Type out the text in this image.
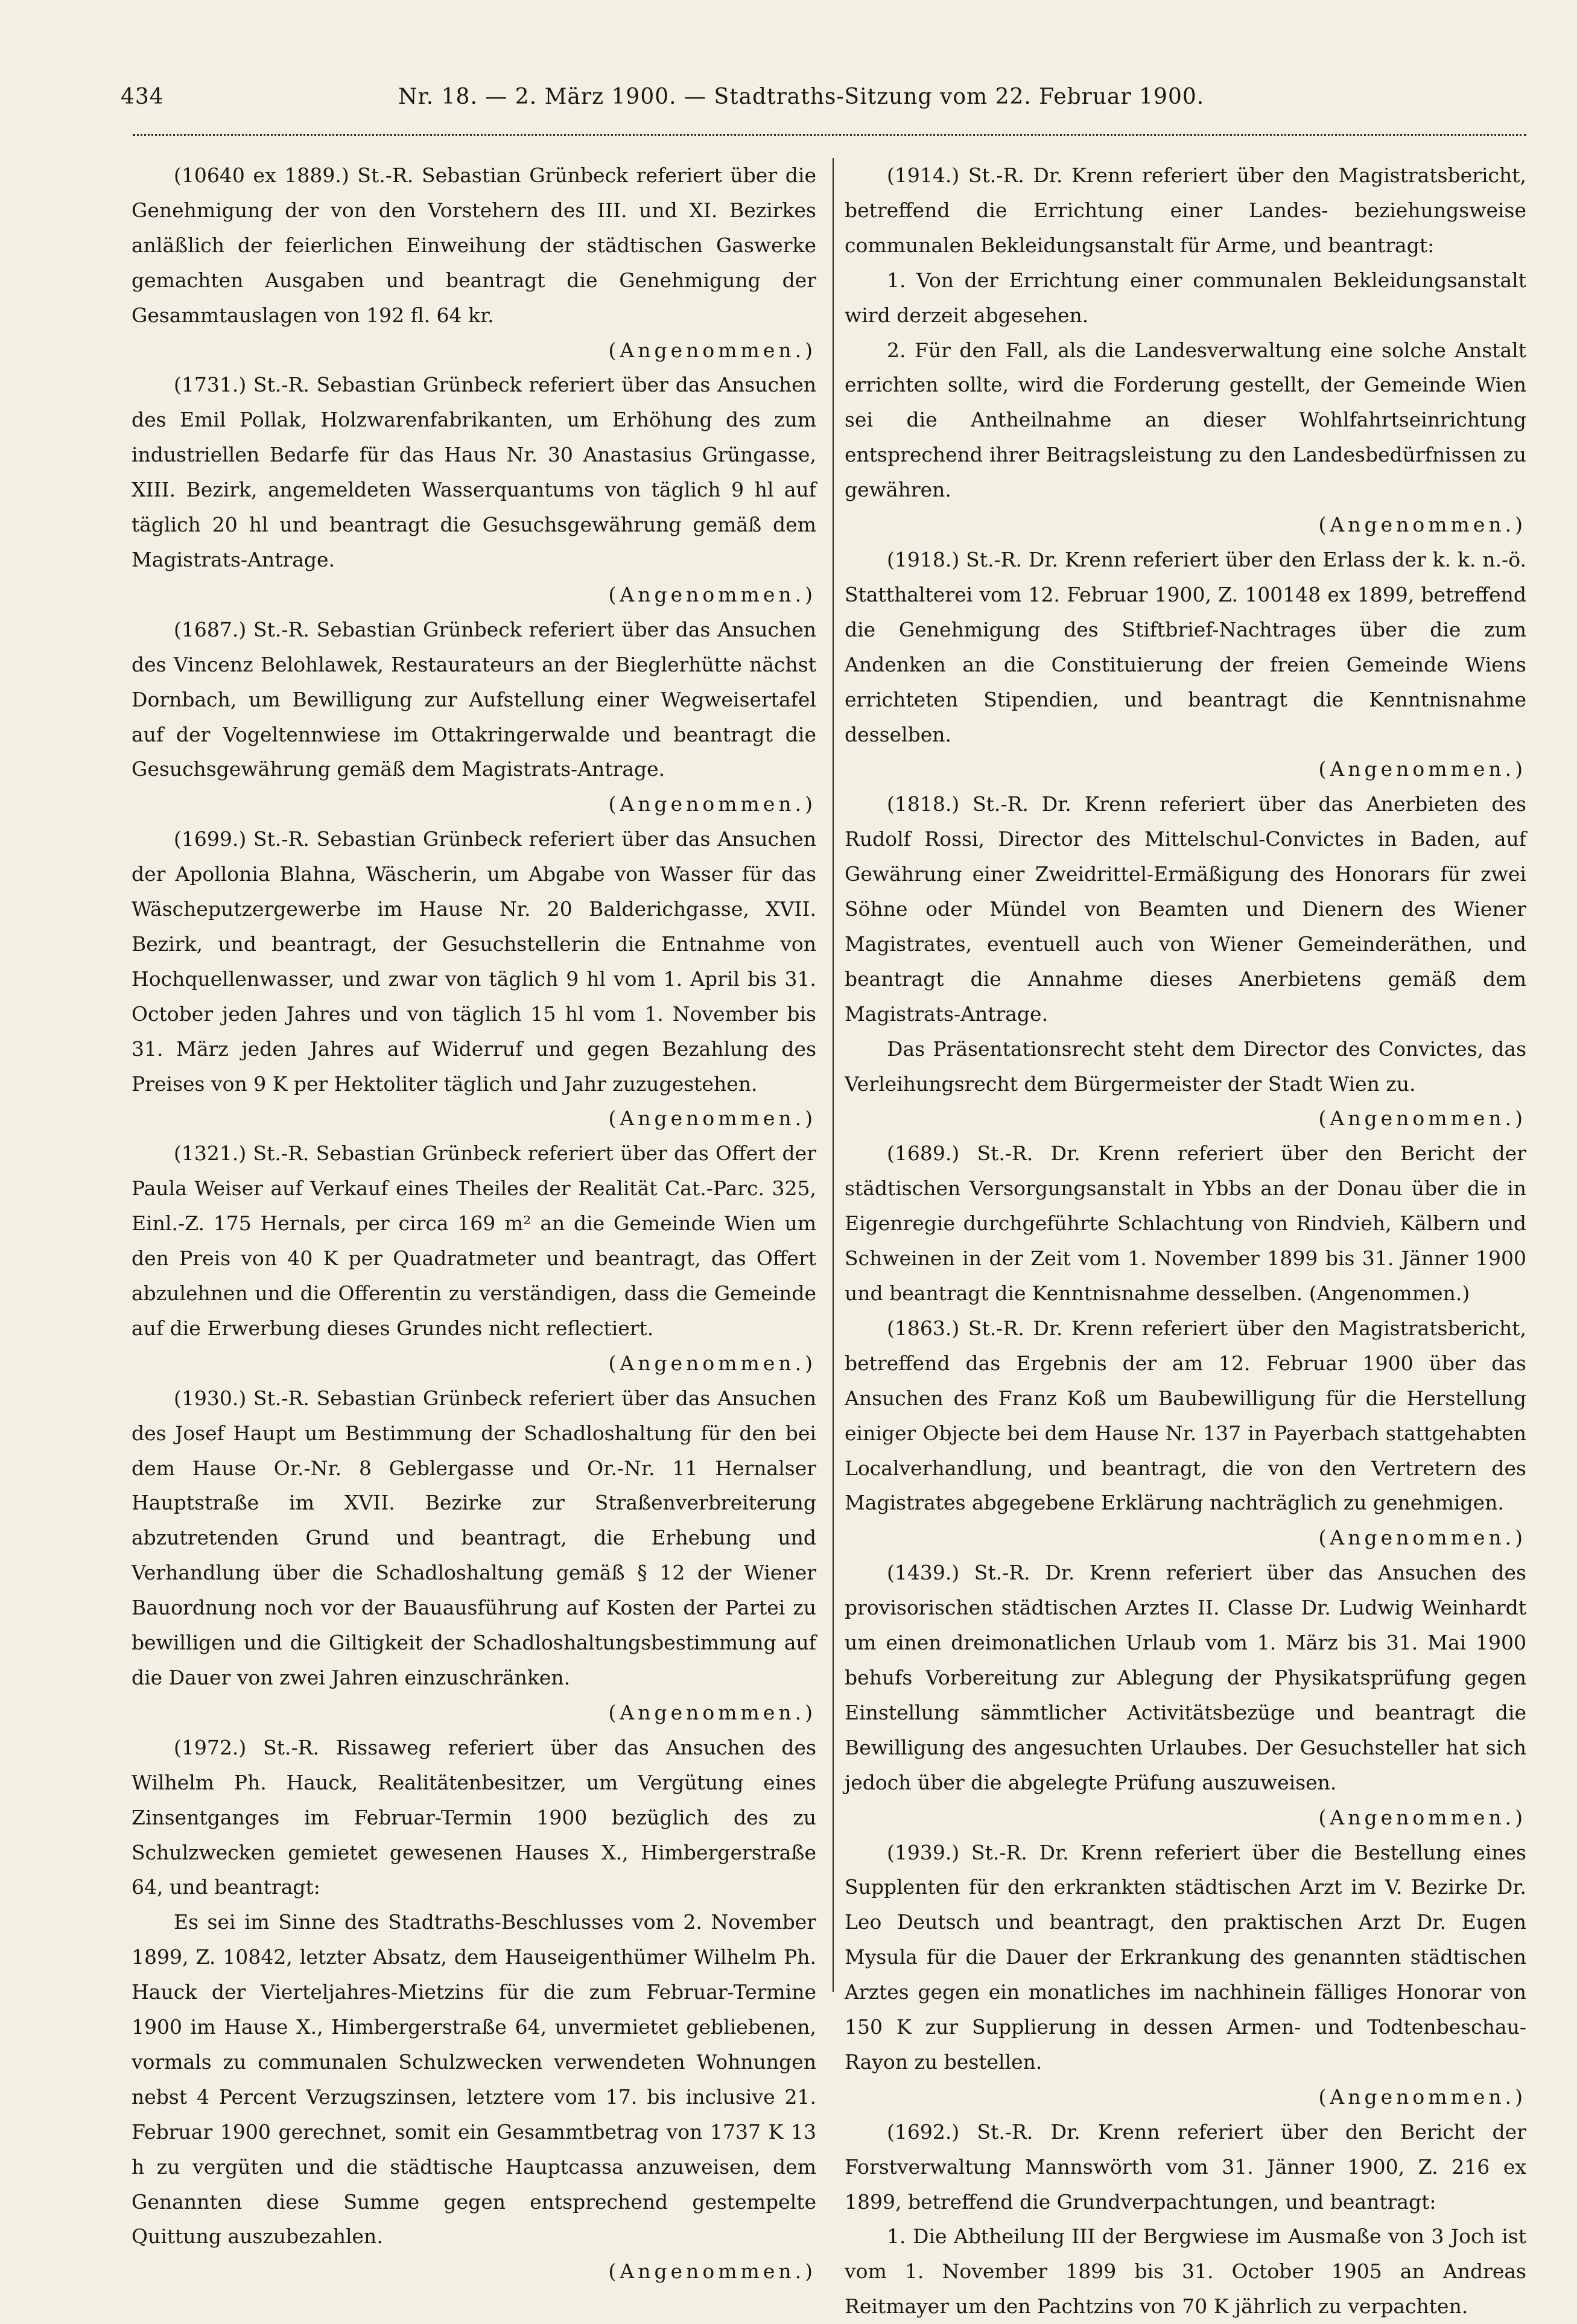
434	Nr. 18. — 2. März 1900. — Stadtraths-Sitzung vom 22. Februar 1900.
(10640 ex 1889.) St.-R. Sebastian Grünbeck referiert über die Genehmigung der von den Vorstehern des III. und XI. Bezirkes anläßlich der feierlichen Einweihung der städtischen Gaswerke gemachten Ausgaben und beantragt die Genehmigung der Gesammtauslagen von 192 fl. 64 kr.
(Angenommen.)
(1731.) St.-R. Sebastian Grünbeck referiert über das Ansuchen des Emil Pollak, Holzwarenfabrikanten, um Erhöhung des zum industriellen Bedarfe für das Haus Nr. 30 Anastasius Grüngasse, XIII. Bezirk, angemeldeten Wasserquantums von täglich 9 hl auf täglich 20 hl und beantragt die Gesuchsgewährung gemäß dem Magistrats-Antrage.
(Angenommen.)
(1687.) St.-R. Sebastian Grünbeck referiert über das Ansuchen des Vincenz Belohlawek, Restaurateurs an der Bieglerhütte nächst Dornbach, um Bewilligung zur Aufstellung einer Wegweisertafel auf der Vogeltennwiese im Ottakringerwalde und beantragt die Gesuchsgewährung gemäß dem Magistrats-Antrage.
(Angenommen.)
(1699.) St.-R. Sebastian Grünbeck referiert über das Ansuchen der Apollonia Blahna, Wäscherin, um Abgabe von Wasser für das Wäscheputzergewerbe im Hause Nr. 20 Balderichgasse, XVII. Bezirk, und beantragt, der Gesuchstellerin die Entnahme von Hochquellenwasser, und zwar von täglich 9 hl vom 1. April bis 31. October jeden Jahres und von täglich 15 hl vom 1. November bis 31. März jeden Jahres auf Widerruf und gegen Bezahlung des Preises von 9 K per Hektoliter täglich und Jahr zuzugestehen.
(Angenommen.)
(1321.) St.-R. Sebastian Grünbeck referiert über das Offert der Paula Weiser auf Verkauf eines Theiles der Realität Cat.-Parc. 325, Einl.-Z. 175 Hernals, per circa 169 m² an die Gemeinde Wien um den Preis von 40 K per Quadratmeter und beantragt, das Offert abzulehnen und die Offerentin zu verständigen, dass die Gemeinde auf die Erwerbung dieses Grundes nicht reflectiert.
(Angenommen.)
(1930.) St.-R. Sebastian Grünbeck referiert über das Ansuchen des Josef Haupt um Bestimmung der Schadloshaltung für den bei dem Hause Or.-Nr. 8 Geblergasse und Or.-Nr. 11 Hernalser Hauptstraße im XVII. Bezirke zur Straßenverbreiterung abzutretenden Grund und beantragt, die Erhebung und Verhandlung über die Schadloshaltung gemäß § 12 der Wiener Bauordnung noch vor der Bauausführung auf Kosten der Partei zu bewilligen und die Giltigkeit der Schadloshaltungsbestimmung auf die Dauer von zwei Jahren einzuschränken.
(Angenommen.)
(1972.) St.-R. Rissaweg referiert über das Ansuchen des Wilhelm Ph. Hauck, Realitätenbesitzer, um Vergütung eines Zinsentganges im Februar-Termin 1900 bezüglich des zu Schulzwecken gemietet gewesenen Hauses X., Himbergerstraße 64, und beantragt:
Es sei im Sinne des Stadtraths-Beschlusses vom 2. November 1899, Z. 10842, letzter Absatz, dem Hauseigenthümer Wilhelm Ph. Hauck der Vierteljahres-Mietzins für die zum Februar-Termine 1900 im Hause X., Himbergerstraße 64, unvermietet gebliebenen, vormals zu communalen Schulzwecken verwendeten Wohnungen nebst 4 Percent Verzugszinsen, letztere vom 17. bis inclusive 21. Februar 1900 gerechnet, somit ein Gesammtbetrag von 1737 K 13 h zu vergüten und die städtische Hauptcassa anzuweisen, dem Genannten diese Summe gegen entsprechend gestempelte Quittung auszubezahlen.
(Angenommen.)
(1914.) St.-R. Dr. Krenn referiert über den Magistratsbericht, betreffend die Errichtung einer Landes- beziehungsweise communalen Bekleidungsanstalt für Arme, und beantragt:
1. Von der Errichtung einer communalen Bekleidungsanstalt wird derzeit abgesehen.
2. Für den Fall, als die Landesverwaltung eine solche Anstalt errichten sollte, wird die Forderung gestellt, der Gemeinde Wien sei die Antheilnahme an dieser Wohlfahrtseinrichtung entsprechend ihrer Beitragsleistung zu den Landesbedürfnissen zu gewähren.
(Angenommen.)
(1918.) St.-R. Dr. Krenn referiert über den Erlass der k. k. n.-ö. Statthalterei vom 12. Februar 1900, Z. 100148 ex 1899, betreffend die Genehmigung des Stiftbrief-Nachtrages über die zum Andenken an die Constituierung der freien Gemeinde Wiens errichteten Stipendien, und beantragt die Kenntnisnahme desselben.
(Angenommen.)
(1818.) St.-R. Dr. Krenn referiert über das Anerbieten des Rudolf Rossi, Director des Mittelschul-Convictes in Baden, auf Gewährung einer Zweidrittel-Ermäßigung des Honorars für zwei Söhne oder Mündel von Beamten und Dienern des Wiener Magistrates, eventuell auch von Wiener Gemeinderäthen, und beantragt die Annahme dieses Anerbietens gemäß dem Magistrats-Antrage.
Das Präsentationsrecht steht dem Director des Convictes, das Verleihungsrecht dem Bürgermeister der Stadt Wien zu.
(Angenommen.)
(1689.) St.-R. Dr. Krenn referiert über den Bericht der städtischen Versorgungsanstalt in Ybbs an der Donau über die in Eigenregie durchgeführte Schlachtung von Rindvieh, Kälbern und Schweinen in der Zeit vom 1. November 1899 bis 31. Jänner 1900 und beantragt die Kenntnisnahme desselben. (Angenommen.)
(1863.) St.-R. Dr. Krenn referiert über den Magistratsbericht, betreffend das Ergebnis der am 12. Februar 1900 über das Ansuchen des Franz Koß um Baubewilligung für die Herstellung einiger Objecte bei dem Hause Nr. 137 in Payerbach stattgehabten Localverhandlung, und beantragt, die von den Vertretern des Magistrates abgegebene Erklärung nachträglich zu genehmigen.
(Angenommen.)
(1439.) St.-R. Dr. Krenn referiert über das Ansuchen des provisorischen städtischen Arztes II. Classe Dr. Ludwig Weinhardt um einen dreimonatlichen Urlaub vom 1. März bis 31. Mai 1900 behufs Vorbereitung zur Ablegung der Physikatsprüfung gegen Einstellung sämmtlicher Activitätsbezüge und beantragt die Bewilligung des angesuchten Urlaubes. Der Gesuchsteller hat sich jedoch über die abgelegte Prüfung auszuweisen.
(Angenommen.)
(1939.) St.-R. Dr. Krenn referiert über die Bestellung eines Supplenten für den erkrankten städtischen Arzt im V. Bezirke Dr. Leo Deutsch und beantragt, den praktischen Arzt Dr. Eugen Mysula für die Dauer der Erkrankung des genannten städtischen Arztes gegen ein monatliches im nachhinein fälliges Honorar von 150 K zur Supplierung in dessen Armen- und Todtenbeschau-Rayon zu bestellen.
(Angenommen.)
(1692.) St.-R. Dr. Krenn referiert über den Bericht der Forstverwaltung Mannswörth vom 31. Jänner 1900, Z. 216 ex 1899, betreffend die Grundverpachtungen, und beantragt:
1. Die Abtheilung III der Bergwiese im Ausmaße von 3 Joch ist vom 1. November 1899 bis 31. October 1905 an Andreas Reitmayer um den Pachtzins von 70 K jährlich zu verpachten.
